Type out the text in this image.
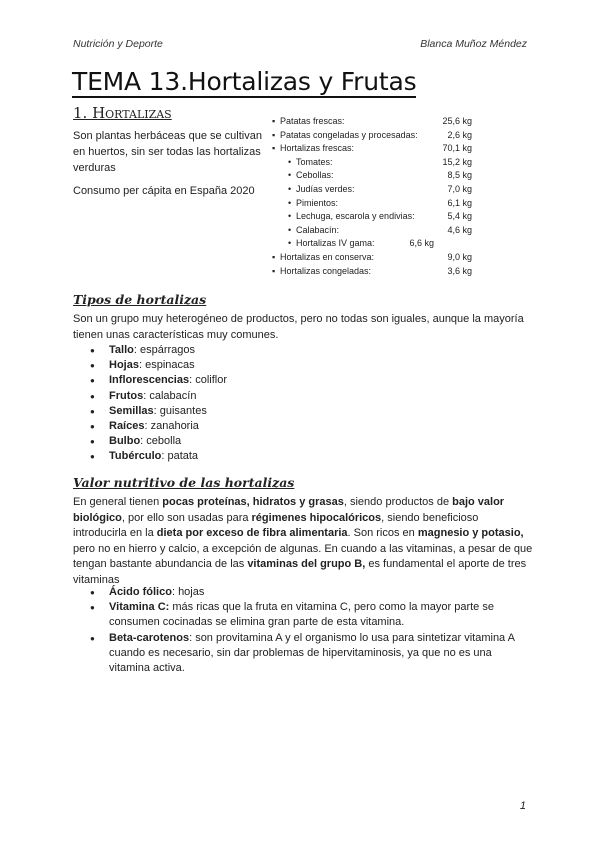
Nutrición y Deporte	Blanca Muñoz Méndez
TEMA 13.Hortalizas y Frutas
1. Hortalizas
Son plantas herbáceas que se cultivan en huertos, sin ser todas las hortalizas verduras
Consumo per cápita en España 2020
▪ Patatas frescas:	25,6 kg
▪ Patatas congeladas y procesadas:	2,6 kg
▪ Hortalizas frescas:	70,1 kg
• Tomates:	15,2 kg
• Cebollas:	8,5 kg
• Judías verdes:	7,0 kg
• Pimientos:	6,1 kg
• Lechuga, escarola y endivias:	5,4 kg
• Calabacín:	4,6 kg
• Hortalizas IV gama:	6,6 kg
▪ Hortalizas en conserva:	9,0 kg
▪ Hortalizas congeladas:	3,6 kg
Tipos de hortalizas
Son un grupo muy heterogéneo de productos, pero no todas son iguales, aunque la mayoría tienen unas características muy comunes.
● Tallo: espárragos
● Hojas: espinacas
● Inflorescencias: coliflor
● Frutos: calabacín
● Semillas: guisantes
● Raíces: zanahoria
● Bulbo: cebolla
● Tubérculo: patata
Valor nutritivo de las hortalizas
En general tienen pocas proteínas, hidratos y grasas, siendo productos de bajo valor biológico, por ello son usadas para régimenes hipocalóricos, siendo beneficioso introducirla en la dieta por exceso de fibra alimentaria. Son ricos en magnesio y potasio, pero no en hierro y calcio, a excepción de algunas. En cuando a las vitaminas, a pesar de que tengan bastante abundancia de las vitaminas del grupo B, es fundamental el aporte de tres vitaminas
● Ácido fólico: hojas
● Vitamina C: más ricas que la fruta en vitamina C, pero como la mayor parte se consumen cocinadas se elimina gran parte de esta vitamina.
● Beta-carotenos: son provitamina A y el organismo lo usa para sintetizar vitamina A cuando es necesario, sin dar problemas de hipervitaminosis, ya que no es una vitamina activa.
1
